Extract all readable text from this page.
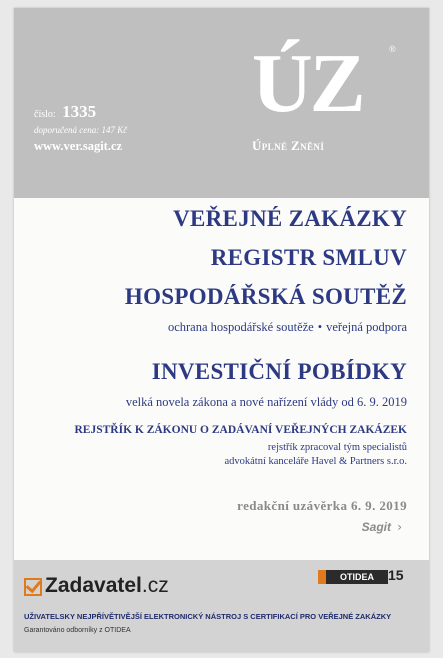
číslo: 1335
doporučená cena: 147 Kč
www.ver.sagit.cz
ÚZ	®
Úplné Znění
VEŘEJNÉ ZAKÁZKY
REGISTR SMLUV
HOSPODÁŘSKÁ SOUTĚŽ
ochrana hospodářské soutěže • veřejná podpora
INVESTIČNÍ POBÍDKY
velká novela zákona a nové nařízení vlády od 6. 9. 2019
REJSTŘÍK K ZÁKONU O ZADÁVANÍ VEŘEJNÝCH ZAKÁZEK
rejstřík zpracoval tým specialistů
advokátní kanceláře Havel & Partners s.r.o.
redakční uzávěrka 6. 9. 2019
Sagit ›
Zadavatel .cz	OTIDEA	15
UŽIVATELSKY NEJPŘÍVĚTIVĚJŠÍ ELEKTRONICKÝ NÁSTROJ S CERTIFIKACÍ PRO VEŘEJNÉ ZAKÁZKY
Garantováno odborníky z OTIDEA
